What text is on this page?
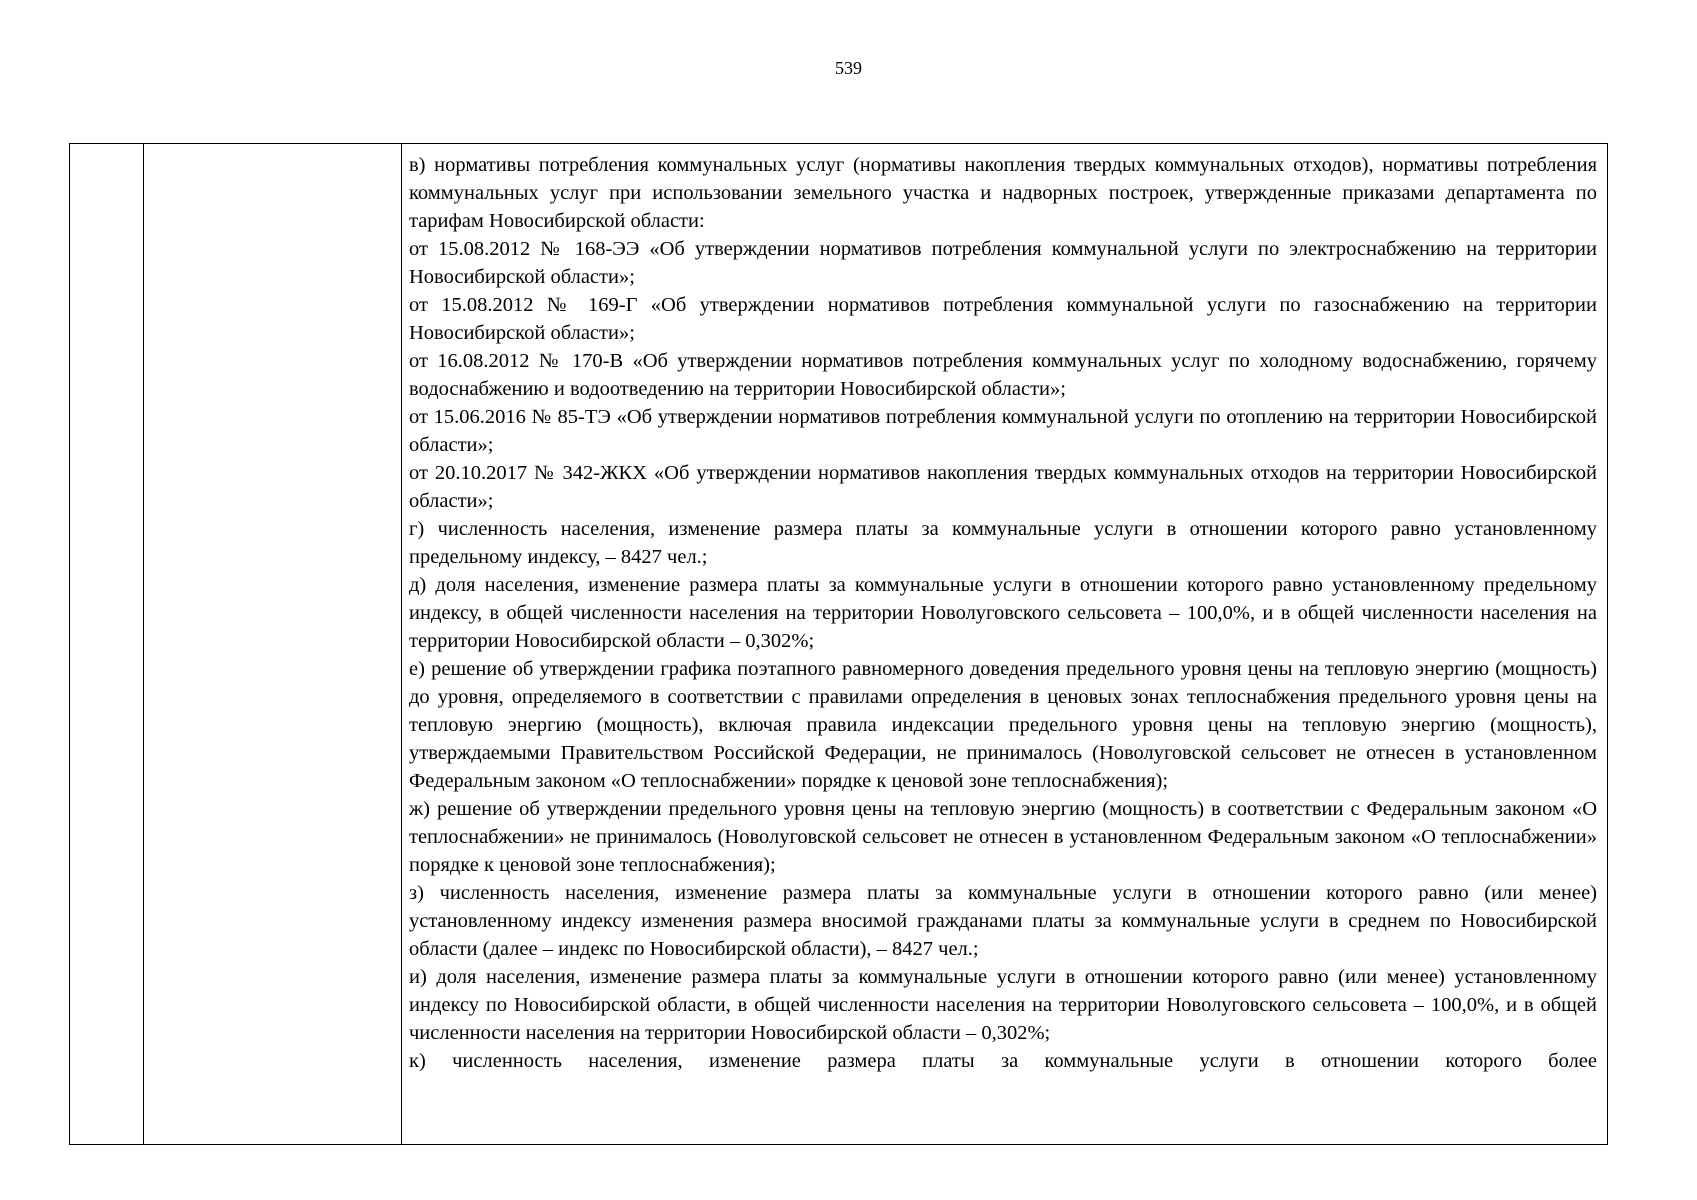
539

в) нормативы потребления коммунальных услуг (нормативы накопления твердых коммунальных отходов), нормативы потребления коммунальных услуг при использовании земельного участка и надворных построек, утвержденные приказами департамента по тарифам Новосибирской области:

от 15.08.2012 № 168-ЭЭ «Об утверждении нормативов потребления коммунальной услуги по электроснабжению на территории Новосибирской области»;

от 15.08.2012 № 169-Г «Об утверждении нормативов потребления коммунальной услуги по газоснабжению на территории Новосибирской области»;

от 16.08.2012 № 170-В «Об утверждении нормативов потребления коммунальных услуг по холодному водоснабжению, горячему водоснабжению и водоотведению на территории Новосибирской области»;

от 15.06.2016 № 85-ТЭ «Об утверждении нормативов потребления коммунальной услуги по отоплению на территории Новосибирской области»;

от 20.10.2017 № 342-ЖКХ «Об утверждении нормативов накопления твердых коммунальных отходов на территории Новосибирской области»;

г) численность населения, изменение размера платы за коммунальные услуги в отношении которого равно установленному предельному индексу, – 8427 чел.;

д) доля населения, изменение размера платы за коммунальные услуги в отношении которого равно установленному предельному индексу, в общей численности населения на территории Новолуговского сельсовета – 100,0%, и в общей численности населения на территории Новосибирской области – 0,302%;

е) решение об утверждении графика поэтапного равномерного доведения предельного уровня цены на тепловую энергию (мощность) до уровня, определяемого в соответствии с правилами определения в ценовых зонах теплоснабжения предельного уровня цены на тепловую энергию (мощность), включая правила индексации предельного уровня цены на тепловую энергию (мощность), утверждаемыми Правительством Российской Федерации, не принималось (Новолуговской сельсовет не отнесен в установленном Федеральным законом «О теплоснабжении» порядке к ценовой зоне теплоснабжения);

ж) решение об утверждении предельного уровня цены на тепловую энергию (мощность) в соответствии с Федеральным законом «О теплоснабжении» не принималось (Новолуговской сельсовет не отнесен в установленном Федеральным законом «О теплоснабжении» порядке к ценовой зоне теплоснабжения);

з) численность населения, изменение размера платы за коммунальные услуги в отношении которого равно (или менее) установленному индексу изменения размера вносимой гражданами платы за коммунальные услуги в среднем по Новосибирской области (далее – индекс по Новосибирской области), – 8427 чел.;

и) доля населения, изменение размера платы за коммунальные услуги в отношении которого равно (или менее) установленному индексу по Новосибирской области, в общей численности населения на территории Новолуговского сельсовета – 100,0%, и в общей численности населения на территории Новосибирской области – 0,302%;

к) численность населения, изменение размера платы за коммунальные услуги в отношении которого более
